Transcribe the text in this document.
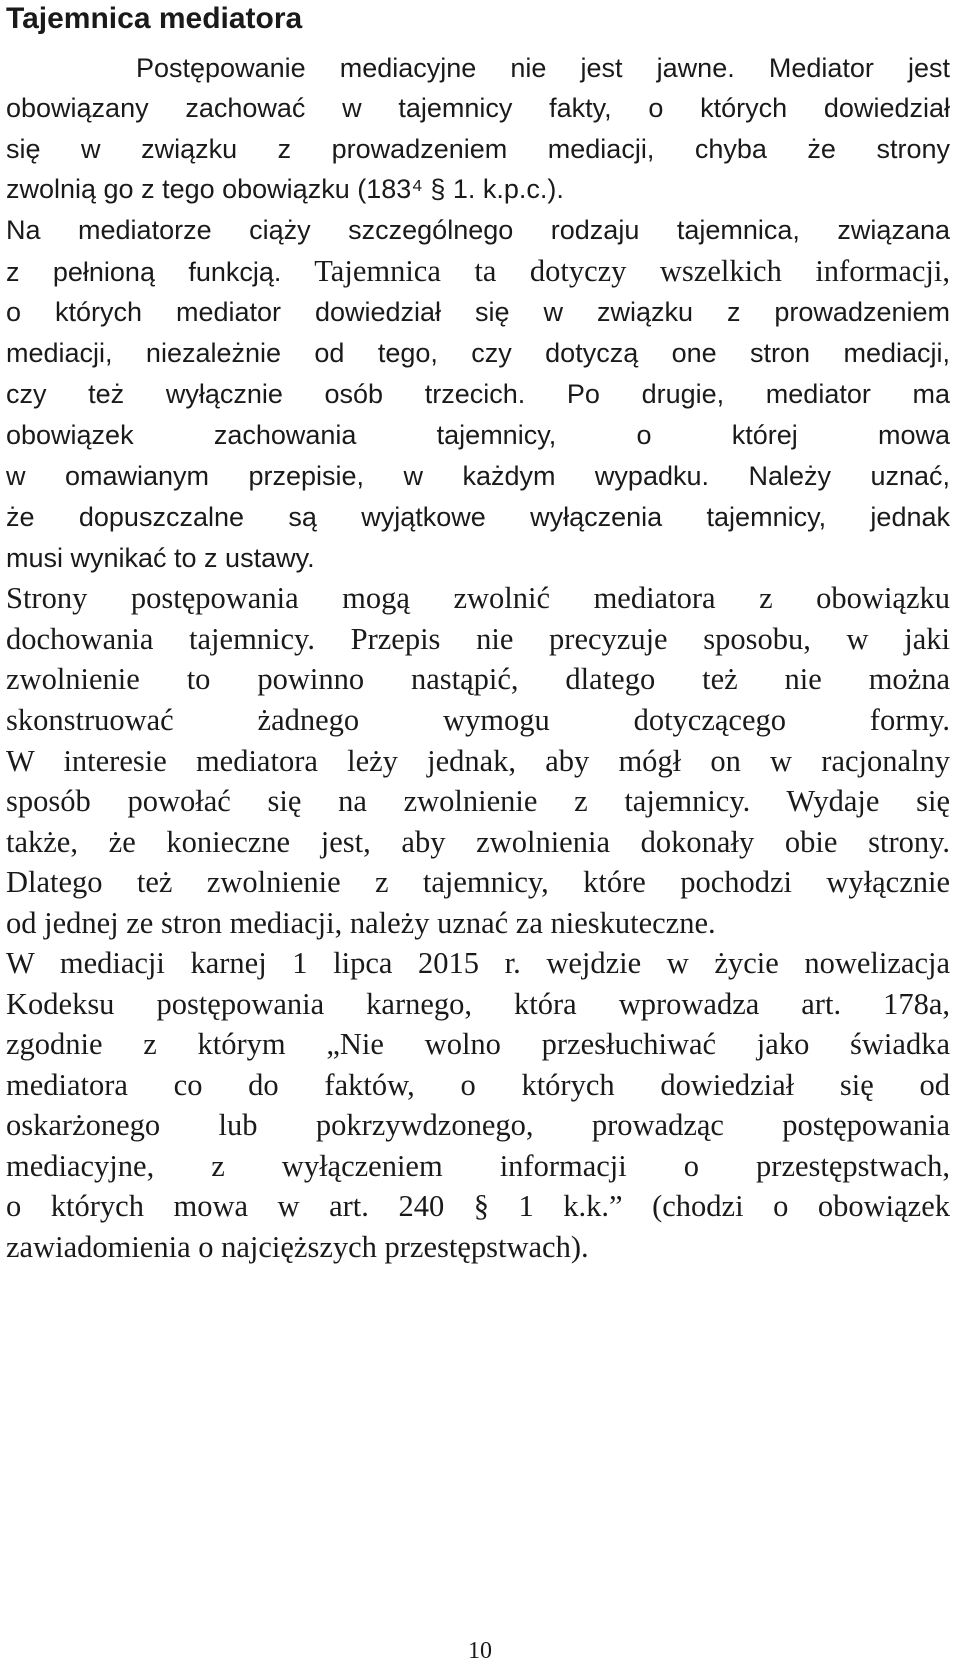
Tajemnica mediatora
Postępowanie mediacyjne nie jest jawne. Mediator jest
obowiązany zachować w tajemnicy fakty, o których dowiedział
się w związku z prowadzeniem mediacji, chyba że strony
zwolnią go z tego obowiązku (183⁴ § 1. k.p.c.).
Na mediatorze ciąży szczególnego rodzaju tajemnica, związana
z pełnioną funkcją. Tajemnica ta dotyczy wszelkich informacji,
o których mediator dowiedział się w związku z prowadzeniem
mediacji, niezależnie od tego, czy dotyczą one stron mediacji,
czy też wyłącznie osób trzecich. Po drugie, mediator ma
obowiązek zachowania tajemnicy, o której mowa
w omawianym przepisie, w każdym wypadku. Należy uznać,
że dopuszczalne są wyjątkowe wyłączenia tajemnicy, jednak
musi wynikać to z ustawy.
Strony postępowania mogą zwolnić mediatora z obowiązku
dochowania tajemnicy. Przepis nie precyzuje sposobu, w jaki
zwolnienie to powinno nastąpić, dlatego też nie można
skonstruować żadnego wymogu dotyczącego formy.
W interesie mediatora leży jednak, aby mógł on w racjonalny
sposób powołać się na zwolnienie z tajemnicy. Wydaje się
także, że konieczne jest, aby zwolnienia dokonały obie strony.
Dlatego też zwolnienie z tajemnicy, które pochodzi wyłącznie
od jednej ze stron mediacji, należy uznać za nieskuteczne.
W mediacji karnej 1 lipca 2015 r. wejdzie w życie nowelizacja
Kodeksu postępowania karnego, która wprowadza art. 178a,
zgodnie z którym „Nie wolno przesłuchiwać jako świadka
mediatora co do faktów, o których dowiedział się od
oskarżonego lub pokrzywdzonego, prowadząc postępowania
mediacyjne, z wyłączeniem informacji o przestępstwach,
o których mowa w art. 240 § 1 k.k.” (chodzi o obowiązek
zawiadomienia o najcięższych przestępstwach).
10
